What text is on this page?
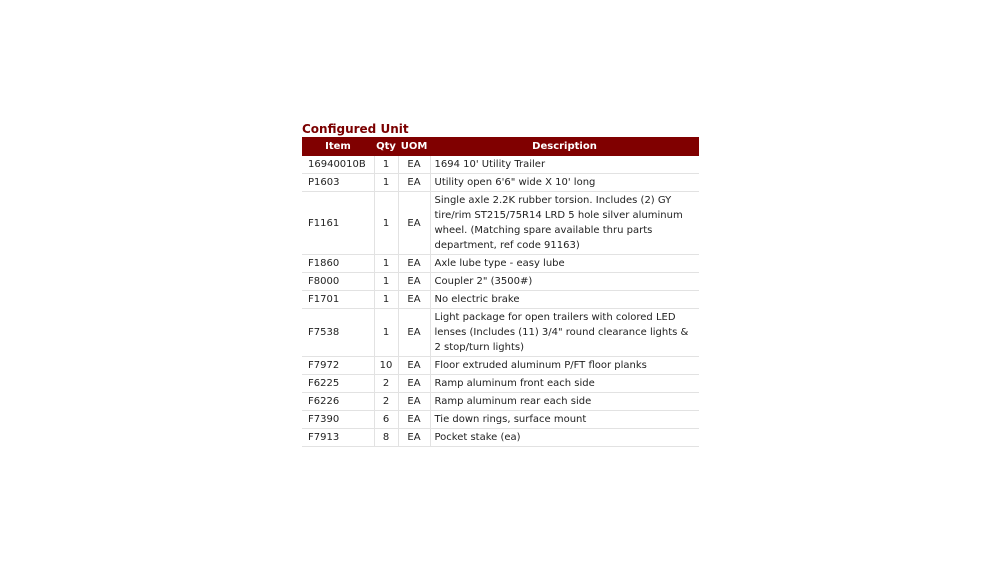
Configured Unit
Item	Qty	UOM	Description
16940010B	1	EA	1694 10' Utility Trailer
P1603	1	EA	Utility open 6'6" wide X 10' long
F1161	1	EA	Single axle 2.2K rubber torsion. Includes (2) GY tire/rim ST215/75R14 LRD 5 hole silver aluminum wheel. (Matching spare available thru parts department, ref code 91163)
F1860	1	EA	Axle lube type - easy lube
F8000	1	EA	Coupler 2" (3500#)
F1701	1	EA	No electric brake
F7538	1	EA	Light package for open trailers with colored LED lenses (Includes (11) 3/4" round clearance lights & 2 stop/turn lights)
F7972	10	EA	Floor extruded aluminum P/FT floor planks
F6225	2	EA	Ramp aluminum front each side
F6226	2	EA	Ramp aluminum rear each side
F7390	6	EA	Tie down rings, surface mount
F7913	8	EA	Pocket stake (ea)
